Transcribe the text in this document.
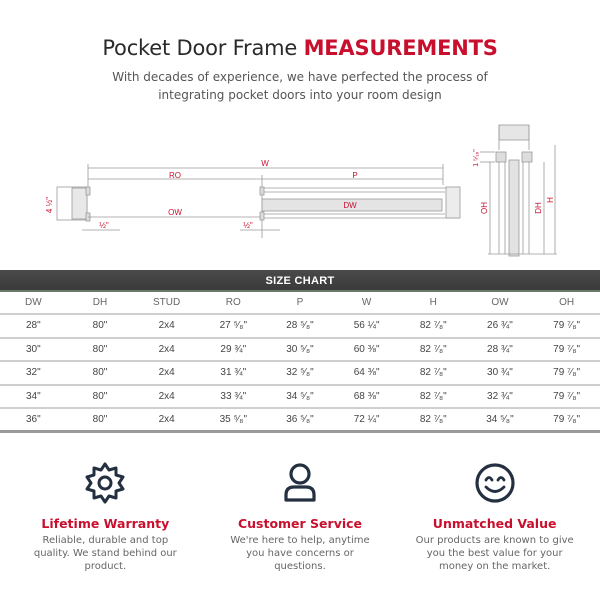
Pocket Door Frame MEASUREMENTS
With decades of experience, we have perfected the process of
integrating pocket doors into your room design
W
RO	P
OW
DW
½"	½"
4 ½"
1 ⁵⁄₁₆"
OH	DH
H
SIZE CHART
DW	DH	STUD	RO	P	W	H	OW	OH
28"	80"	2x4	27 ⁵⁄₈"	28 ⁵⁄₈"	56 ¼"	82 ⁷⁄₈"	26 ¾"	79 ⁷⁄₈"
30"	80"	2x4	29 ¾"	30 ⁵⁄₈"	60 ⅜"	82 ⁷⁄₈"	28 ¾"	79 ⁷⁄₈"
32"	80"	2x4	31 ¾"	32 ⁵⁄₈"	64 ⅜"	82 ⁷⁄₈"	30 ¾"	79 ⁷⁄₈"
34"	80"	2x4	33 ¾"	34 ⁵⁄₈"	68 ⅜"	82 ⁷⁄₈"	32 ¾"	79 ⁷⁄₈"
36"	80"	2x4	35 ⁵⁄₈"	36 ⁵⁄₈"	72 ¼"	82 ⁷⁄₈"	34 ⁵⁄₈"	79 ⁷⁄₈"
Lifetime Warranty
Reliable, durable and top quality. We stand behind our product.
Customer Service
We're here to help, anytime you have concerns or questions.
Unmatched Value
Our products are known to give you the best value for your money on the market.
